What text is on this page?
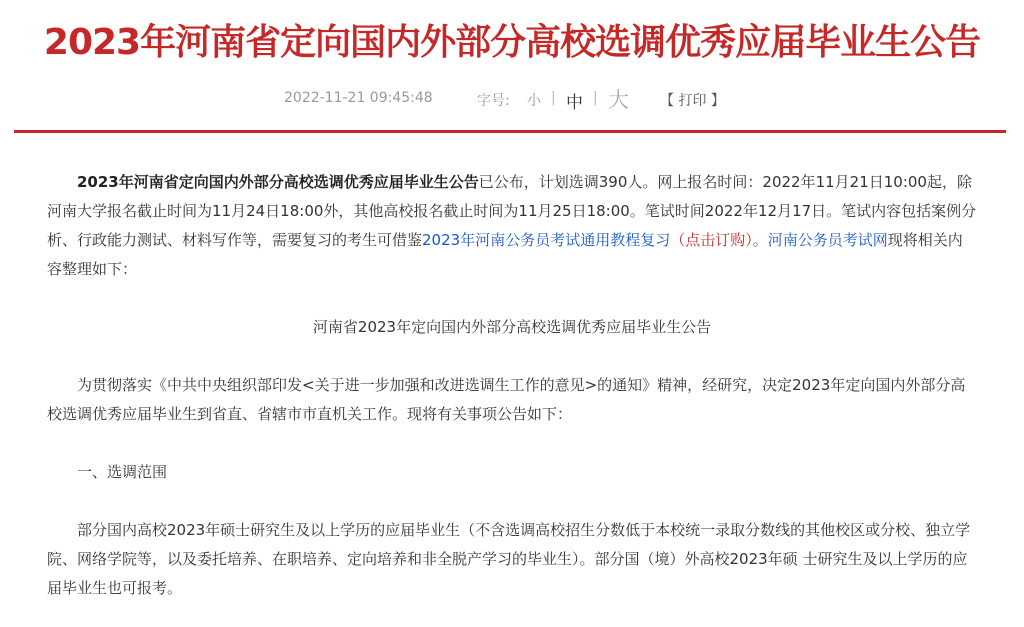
2023年河南省定向国内外部分高校选调优秀应届毕业生公告
2022-11-21 09:45:48	字号: 小 | 中 | 大 【 打印 】

2023年河南省定向国内外部分高校选调优秀应届毕业生公告已公布，计划选调390人。网上报名时间：2022年11月21日10:00起，除河南大学报名截止时间为11月24日18:00外，其他高校报名截止时间为11月25日18:00。笔试时间2022年12月17日。笔试内容包括案例分析、行政能力测试、材料写作等，需要复习的考生可借鉴2023年河南公务员考试通用教程复习（点击订购）。河南公务员考试网现将相关内容整理如下：

河南省2023年定向国内外部分高校选调优秀应届毕业生公告

为贯彻落实《中共中央组织部印发<关于进一步加强和改进选调生工作的意见>的通知》精神，经研究，决定2023年定向国内外部分高校选调优秀应届毕业生到省直、省辖市市直机关工作。现将有关事项公告如下：

一、选调范围

部分国内高校2023年硕士研究生及以上学历的应届毕业生（不含选调高校招生分数低于本校统一录取分数线的其他校区或分校、独立学院、网络学院等，以及委托培养、在职培养、定向培养和非全脱产学习的毕业生）。部分国（境）外高校2023年硕 士研究生及以上学历的应届毕业生也可报考。
